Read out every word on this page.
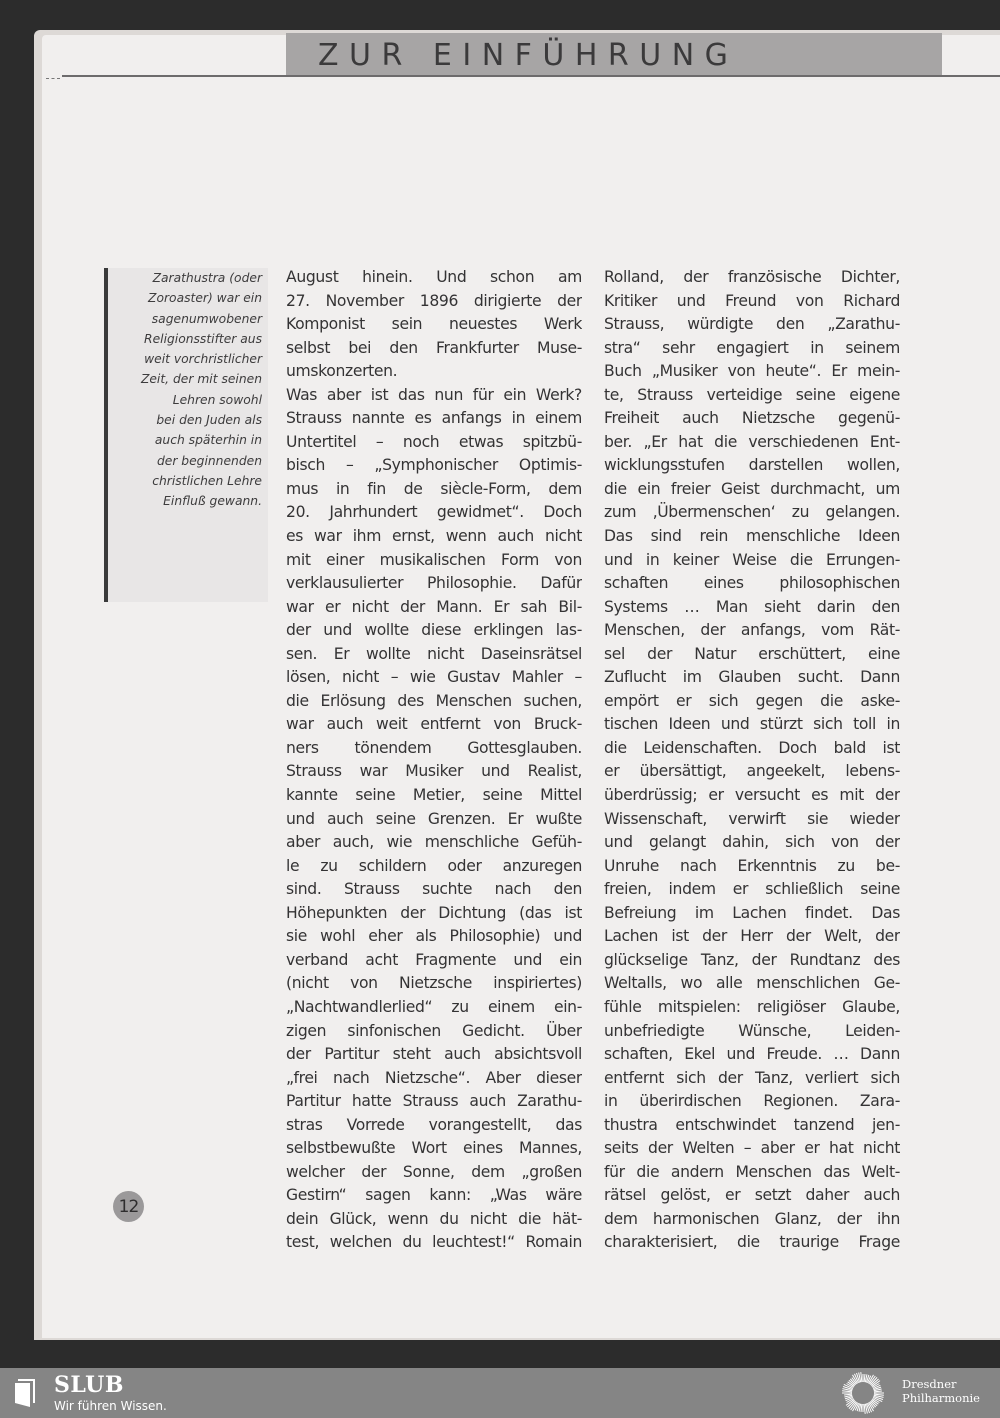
ZUR EINFÜHRUNG
Zarathustra (oder
Zoroaster) war ein
sagenumwobener
Religionsstifter aus
weit vorchristlicher
Zeit, der mit seinen
Lehren sowohl
bei den Juden als
auch späterhin in
der beginnenden
christlichen Lehre
Einfluß gewann.
August hinein. Und schon am
27. November 1896 dirigierte der
Komponist sein neuestes Werk
selbst bei den Frankfurter Muse-
umskonzerten.
Was aber ist das nun für ein Werk?
Strauss nannte es anfangs in einem
Untertitel – noch etwas spitzbü-
bisch – „Symphonischer Optimis-
mus in fin de siècle-Form, dem
20. Jahrhundert gewidmet“. Doch
es war ihm ernst, wenn auch nicht
mit einer musikalischen Form von
verklausulierter Philosophie. Dafür
war er nicht der Mann. Er sah Bil-
der und wollte diese erklingen las-
sen. Er wollte nicht Daseinsrätsel
lösen, nicht – wie Gustav Mahler –
die Erlösung des Menschen suchen,
war auch weit entfernt von Bruck-
ners tönendem Gottesglauben.
Strauss war Musiker und Realist,
kannte seine Metier, seine Mittel
und auch seine Grenzen. Er wußte
aber auch, wie menschliche Gefüh-
le zu schildern oder anzuregen
sind. Strauss suchte nach den
Höhepunkten der Dichtung (das ist
sie wohl eher als Philosophie) und
verband acht Fragmente und ein
(nicht von Nietzsche inspiriertes)
„Nachtwandlerlied“ zu einem ein-
zigen sinfonischen Gedicht. Über
der Partitur steht auch absichtsvoll
„frei nach Nietzsche“. Aber dieser
Partitur hatte Strauss auch Zarathu-
stras Vorrede vorangestellt, das
selbstbewußte Wort eines Mannes,
welcher der Sonne, dem „großen
Gestirn“ sagen kann: „Was wäre
dein Glück, wenn du nicht die hät-
test, welchen du leuchtest!“ Romain
Rolland, der französische Dichter,
Kritiker und Freund von Richard
Strauss, würdigte den „Zarathu-
stra“ sehr engagiert in seinem
Buch „Musiker von heute“. Er mein-
te, Strauss verteidige seine eigene
Freiheit auch Nietzsche gegenü-
ber. „Er hat die verschiedenen Ent-
wicklungsstufen darstellen wollen,
die ein freier Geist durchmacht, um
zum ‚Übermenschen‘ zu gelangen.
Das sind rein menschliche Ideen
und in keiner Weise die Errungen-
schaften eines philosophischen
Systems … Man sieht darin den
Menschen, der anfangs, vom Rät-
sel der Natur erschüttert, eine
Zuflucht im Glauben sucht. Dann
empört er sich gegen die aske-
tischen Ideen und stürzt sich toll in
die Leidenschaften. Doch bald ist
er übersättigt, angeekelt, lebens-
überdrüssig; er versucht es mit der
Wissenschaft, verwirft sie wieder
und gelangt dahin, sich von der
Unruhe nach Erkenntnis zu be-
freien, indem er schließlich seine
Befreiung im Lachen findet. Das
Lachen ist der Herr der Welt, der
glückselige Tanz, der Rundtanz des
Weltalls, wo alle menschlichen Ge-
fühle mitspielen: religiöser Glaube,
unbefriedigte Wünsche, Leiden-
schaften, Ekel und Freude. … Dann
entfernt sich der Tanz, verliert sich
in überirdischen Regionen. Zara-
thustra entschwindet tanzend jen-
seits der Welten – aber er hat nicht
für die andern Menschen das Welt-
rätsel gelöst, er setzt daher auch
dem harmonischen Glanz, der ihn
charakterisiert, die traurige Frage
12
SLUB
Wir führen Wissen.
Dresdner
Philharmonie
